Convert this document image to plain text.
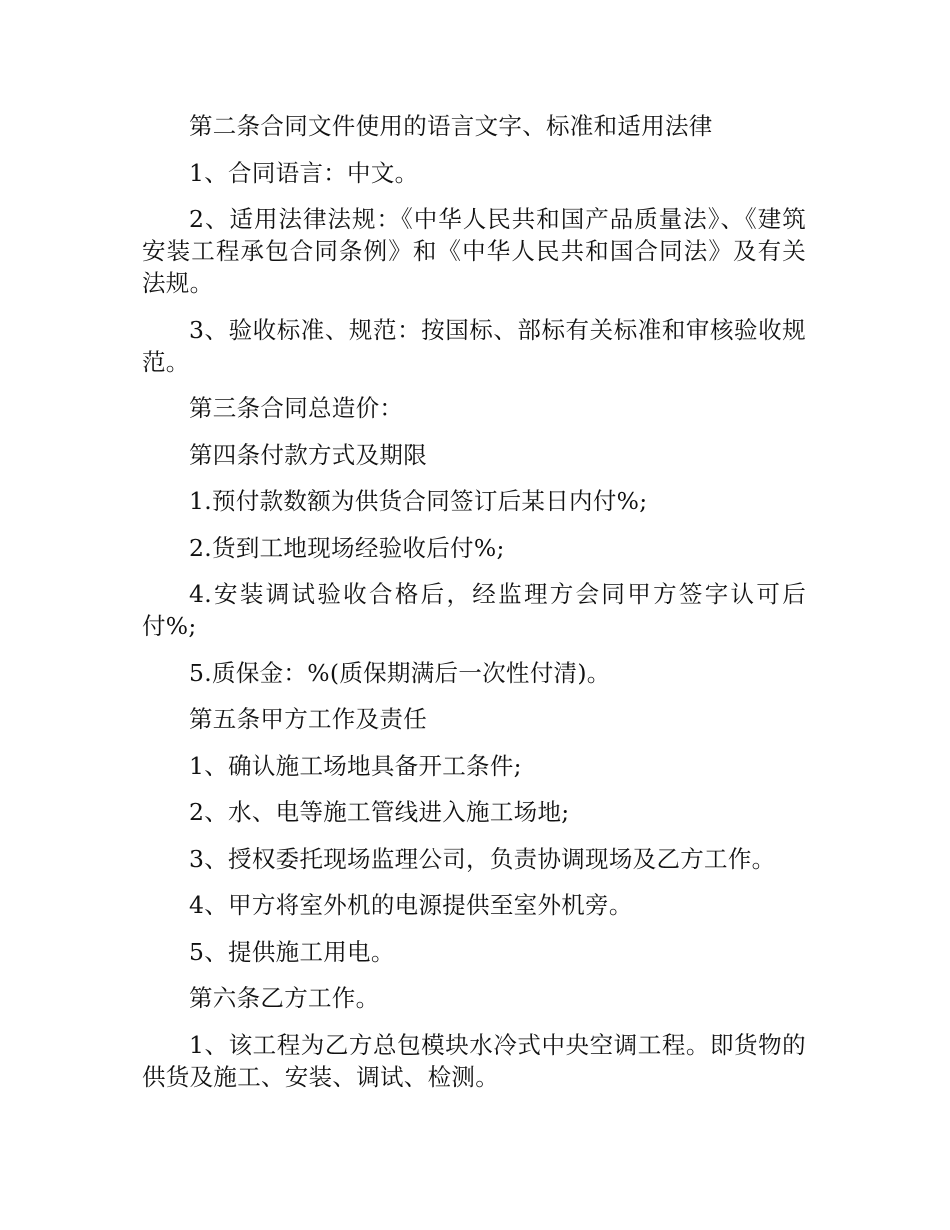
第二条合同文件使用的语言文字、标准和适用法律

1、合同语言：中文。

2、适用法律法规：《中华人民共和国产品质量法》、《建筑安装工程承包合同条例》和《中华人民共和国合同法》及有关法规。

3、验收标准、规范：按国标、部标有关标准和审核验收规范。

第三条合同总造价：

第四条付款方式及期限

1.预付款数额为供货合同签订后某日内付%;

2.货到工地现场经验收后付%;

4.安装调试验收合格后，经监理方会同甲方签字认可后付%;

5.质保金：%(质保期满后一次性付清)。

第五条甲方工作及责任

1、确认施工场地具备开工条件;

2、水、电等施工管线进入施工场地;

3、授权委托现场监理公司，负责协调现场及乙方工作。

4、甲方将室外机的电源提供至室外机旁。

5、提供施工用电。

第六条乙方工作。

1、该工程为乙方总包模块水冷式中央空调工程。即货物的供货及施工、安装、调试、检测。
